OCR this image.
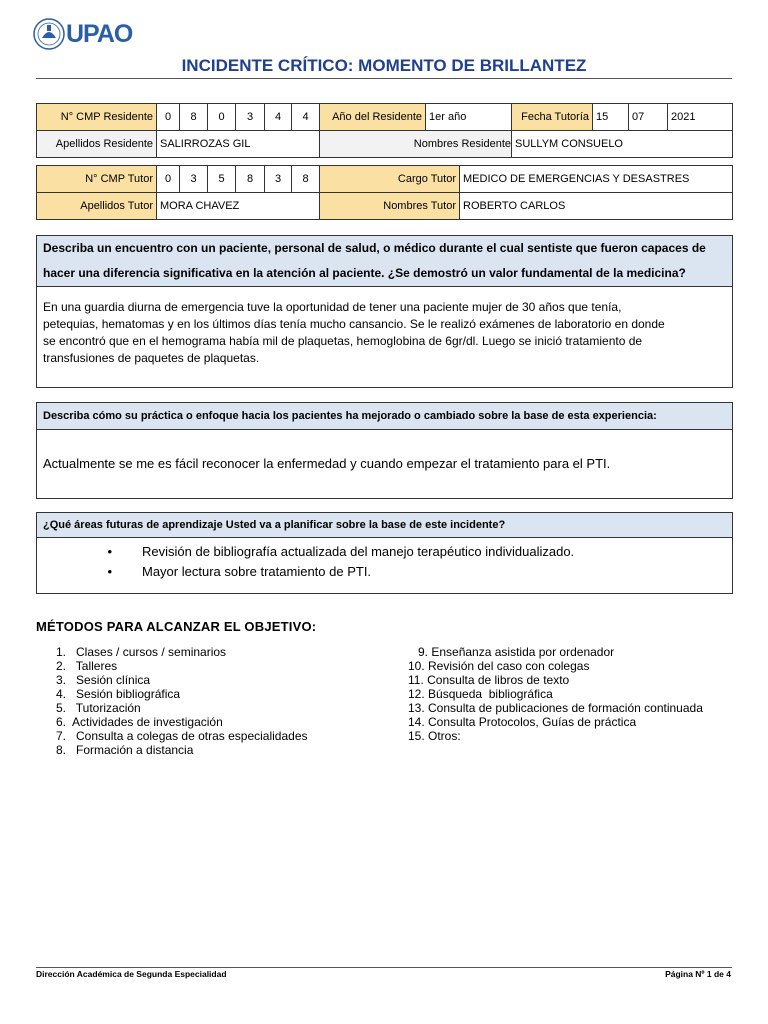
UPAO
INCIDENTE CRÍTICO: MOMENTO DE BRILLANTEZ
N° CMP Residente	0	8	0	3	4	4	Año del Residente	1er año	Fecha Tutoría	15	07	2021
Apellidos Residente	SALIRROZAS GIL						Nombres Residente		SULLYM CONSUELO			
N° CMP Tutor	0	3	5	8	3	8	Cargo Tutor	MEDICO DE EMERGENCIAS Y DESASTRES
Apellidos Tutor	MORA CHAVEZ						Nombres Tutor	ROBERTO CARLOS
Describa un encuentro con un paciente, personal de salud, o médico durante el cual sentiste que fueron capaces de
hacer una diferencia significativa en la atención al paciente. ¿Se demostró un valor fundamental de la medicina?
En una guardia diurna de emergencia tuve la oportunidad de tener una paciente mujer de 30 años que tenía,
petequias, hematomas y en los últimos días tenía mucho cansancio. Se le realizó exámenes de laboratorio en donde
se encontró que en el hemograma había mil de plaquetas, hemoglobina de 6gr/dl. Luego se inició tratamiento de
transfusiones de paquetes de plaquetas.
Describa cómo su práctica o enfoque hacia los pacientes ha mejorado o cambiado sobre la base de esta experiencia:
Actualmente se me es fácil reconocer la enfermedad y cuando empezar el tratamiento para el PTI.
¿Qué áreas futuras de aprendizaje Usted va a planificar sobre la base de este incidente?
• Revisión de bibliografía actualizada del manejo terapéutico individualizado.
• Mayor lectura sobre tratamiento de PTI.
MÉTODOS PARA ALCANZAR EL OBJETIVO:
1.   Clases / cursos / seminarios
2.   Talleres
3.   Sesión clínica
4.   Sesión bibliográfica
5.   Tutorización
6.  Actividades de investigación
7.   Consulta a colegas de otras especialidades
8.   Formación a distancia
9. Enseñanza asistida por ordenador
10. Revisión del caso con colegas
11. Consulta de libros de texto
12. Búsqueda  bibliográfica
13. Consulta de publicaciones de formación continuada
14. Consulta Protocolos, Guías de práctica
15. Otros:
Dirección Académica de Segunda Especialidad	Página Nº 1 de 4
